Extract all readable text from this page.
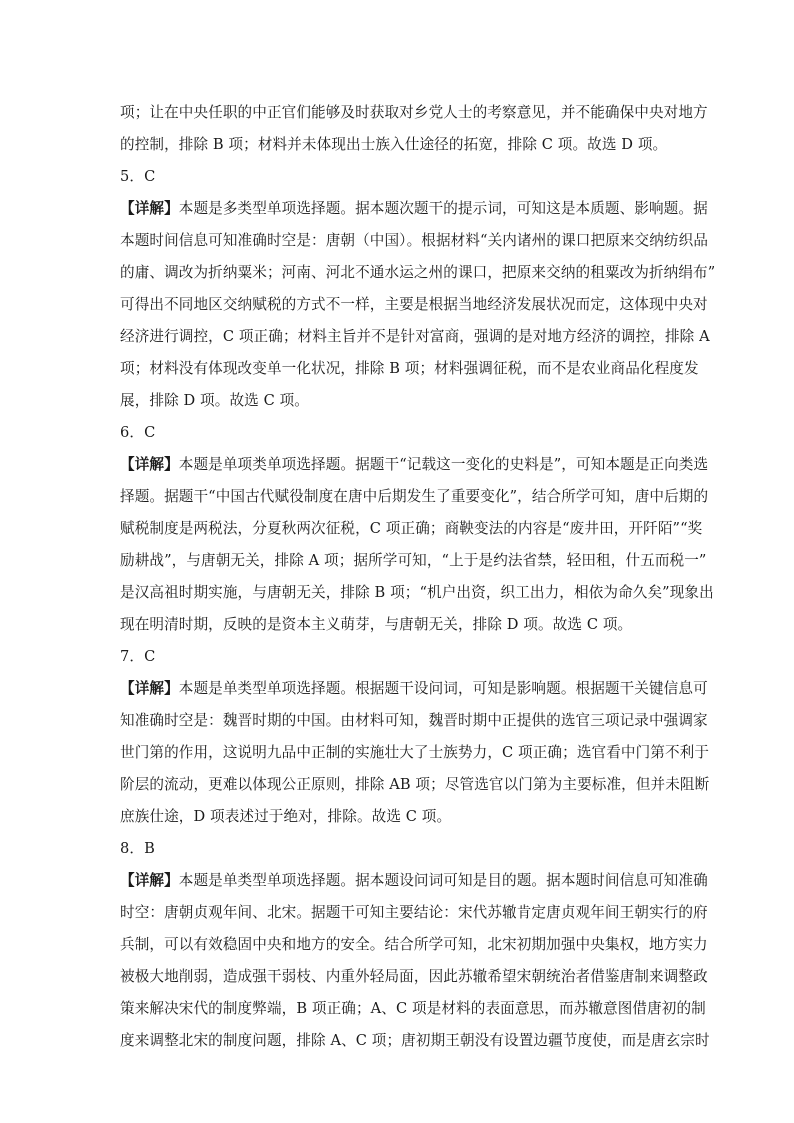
项；让在中央任职的中正官们能够及时获取对乡党人士的考察意见，并不能确保中央对地方
的控制，排除 B 项；材料并未体现出士族入仕途径的拓宽，排除 C 项。故选 D 项。
5．C
【详解】本题是多类型单项选择题。据本题次题干的提示词，可知这是本质题、影响题。据
本题时间信息可知准确时空是：唐朝（中国）。根据材料“关内诸州的课口把原来交纳纺织品
的庸、调改为折纳粟米；河南、河北不通水运之州的课口，把原来交纳的租粟改为折纳绢布”
可得出不同地区交纳赋税的方式不一样，主要是根据当地经济发展状况而定，这体现中央对
经济进行调控，C 项正确；材料主旨并不是针对富商，强调的是对地方经济的调控，排除 A
项；材料没有体现改变单一化状况，排除 B 项；材料强调征税，而不是农业商品化程度发
展，排除 D 项。故选 C 项。
6．C
【详解】本题是单项类单项选择题。据题干“记载这一变化的史料是”，可知本题是正向类选
择题。据题干“中国古代赋役制度在唐中后期发生了重要变化”，结合所学可知，唐中后期的
赋税制度是两税法，分夏秋两次征税，C 项正确；商鞅变法的内容是“废井田，开阡陌”“奖
励耕战”，与唐朝无关，排除 A 项；据所学可知，“上于是约法省禁，轻田租，什五而税一”
是汉高祖时期实施，与唐朝无关，排除 B 项；“机户出资，织工出力，相依为命久矣”现象出
现在明清时期，反映的是资本主义萌芽，与唐朝无关，排除 D 项。故选 C 项。
7．C
【详解】本题是单类型单项选择题。根据题干设问词，可知是影响题。根据题干关键信息可
知准确时空是：魏晋时期的中国。由材料可知，魏晋时期中正提供的选官三项记录中强调家
世门第的作用，这说明九品中正制的实施壮大了士族势力，C 项正确；选官看中门第不利于
阶层的流动，更难以体现公正原则，排除 AB 项；尽管选官以门第为主要标准，但并未阻断
庶族仕途，D 项表述过于绝对，排除。故选 C 项。
8．B
【详解】本题是单类型单项选择题。据本题设问词可知是目的题。据本题时间信息可知准确
时空：唐朝贞观年间、北宋。据题干可知主要结论：宋代苏辙肯定唐贞观年间王朝实行的府
兵制，可以有效稳固中央和地方的安全。结合所学可知，北宋初期加强中央集权，地方实力
被极大地削弱，造成强干弱枝、内重外轻局面，因此苏辙希望宋朝统治者借鉴唐制来调整政
策来解决宋代的制度弊端，B 项正确；A、C 项是材料的表面意思，而苏辙意图借唐初的制
度来调整北宋的制度问题，排除 A、C 项；唐初期王朝没有设置边疆节度使，而是唐玄宗时
